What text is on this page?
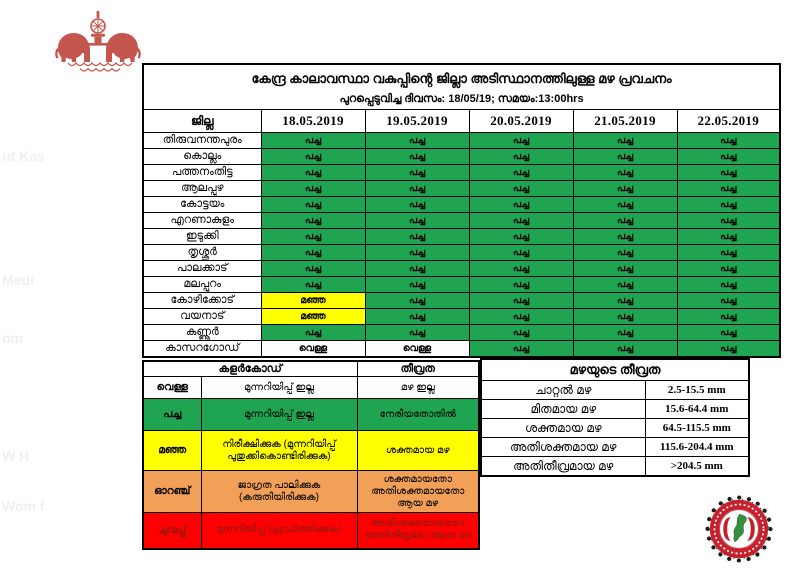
ut Kas
Medi
om
W H
Wom f
കേന്ദ്ര കാലാവസ്ഥാ വകുപ്പിന്റെ ജില്ലാ അടിസ്ഥാനത്തിലുള്ള മഴ പ്രവചനം
പുറപ്പെടുവിച്ച ദിവസം: 18/05/19; സമയം:13:00hrs					

ജില്ല	18.05.2019	19.05.2019	20.05.2019	21.05.2019	22.05.2019
തിരുവനന്തപുരം	പച്ച	പച്ച	പച്ച	പച്ച	പച്ച
കൊല്ലം	പച്ച	പച്ച	പച്ച	പച്ച	പച്ച
പത്തനംതിട്ട	പച്ച	പച്ച	പച്ച	പച്ച	പച്ച
ആലപ്പുഴ	പച്ച	പച്ച	പച്ച	പച്ച	പച്ച
കോട്ടയം	പച്ച	പച്ച	പച്ച	പച്ച	പച്ച
എറണാകുളം	പച്ച	പച്ച	പച്ച	പച്ച	പച്ച
ഇടുക്കി	പച്ച	പച്ച	പച്ച	പച്ച	പച്ച
തൃശ്ശൂർ	പച്ച	പച്ച	പച്ച	പച്ച	പച്ച
പാലക്കാട്	പച്ച	പച്ച	പച്ച	പച്ച	പച്ച
മലപ്പുറം	പച്ച	പച്ച	പച്ച	പച്ച	പച്ച
കോഴിക്കോട്	മഞ്ഞ	പച്ച	പച്ച	പച്ച	പച്ച
വയനാട്	മഞ്ഞ	പച്ച	പച്ച	പച്ച	പച്ച
കണ്ണൂർ	പച്ച	പച്ച	പച്ച	പച്ച	പച്ച
കാസറഗോഡ്	വെള്ള	വെള്ള	പച്ച	പച്ച	പച്ച
കളർകോഡ്		തീവ്രത
വെള്ള	മുന്നറിയിപ്പ് ഇല്ല	മഴ ഇല്ല
പച്ച	മുന്നറിയിപ്പ് ഇല്ല	നേരിയതോതിൽ
മഞ്ഞ	നിരീക്ഷിക്കുക (മുന്നറിയിപ്പ് പുതുക്കികൊണ്ടിരിക്കുക)	ശക്തമായ മഴ
ഓറഞ്ച്	ജാഗ്രത പാലിക്കുക (കരുതിയിരിക്കുക)	ശക്തമായതോ അതിശക്തമായതോ ആയ മഴ
ചുവപ്പ്	മുന്നറിയിപ്പ് (പ്രവർത്തിക്കുക)	അതിശക്തമായതോ അതിതീവ്രമോ ആയ മഴ
മഴയുടെ തീവ്രത	
ചാറ്റൽ മഴ	2.5-15.5 mm
മിതമായ മഴ	15.6-64.4 mm
ശക്തമായ മഴ	64.5-115.5 mm
അതിശക്തമായ മഴ	115.6-204.4 mm
അതിതീവ്രമായ മഴ	>204.5 mm
